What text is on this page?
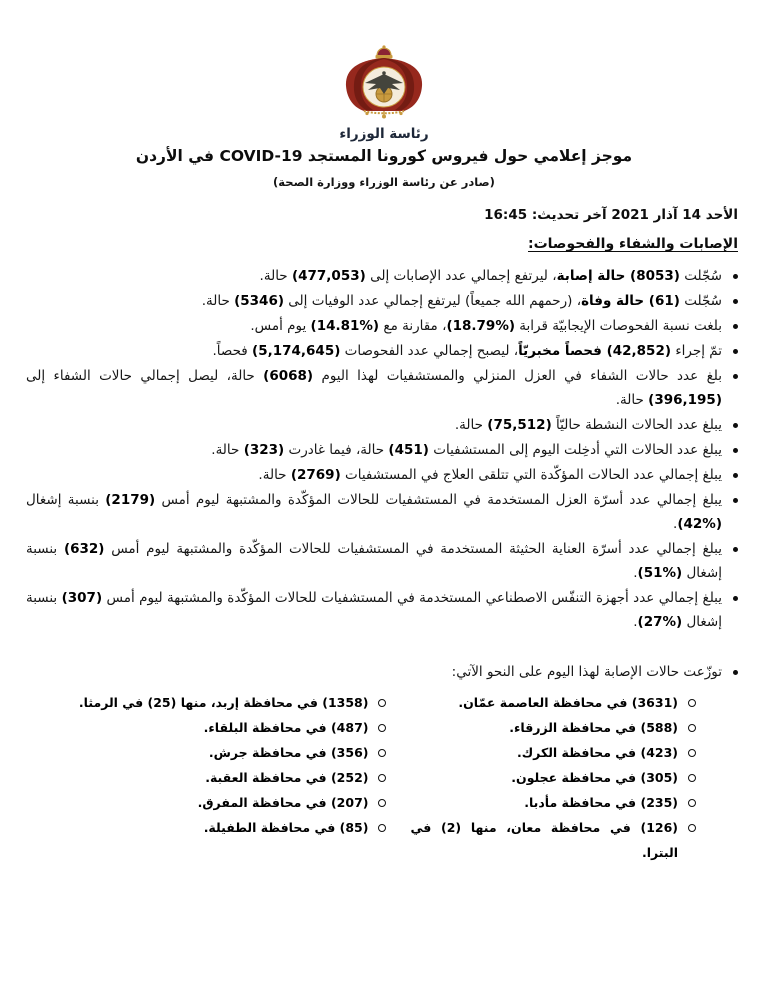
رئاسة الوزراء
موجز إعلامي حول فيروس كورونا المستجد COVID-19 في الأردن
(صادر عن رئاسة الوزراء ووزارة الصحة)
الأحد 14 آذار 2021 آخر تحديث: 16:45
الإصابات والشفاء والفحوصات:
سُجّلت (8053) حالة إصابة، ليرتفع إجمالي عدد الإصابات إلى (477,053) حالة.
سُجّلت (61) حالة وفاة، (رحمهم الله جميعاً) ليرتفع إجمالي عدد الوفيات إلى (5346) حالة.
بلغت نسبة الفحوصات الإيجابيّة قرابة (%18.79)، مقارنة مع (%14.81) يوم أمس.
تمّ إجراء (42,852) فحصاً مخبريّاً، ليصبح إجمالي عدد الفحوصات (5,174,645) فحصاً.
بلغ عدد حالات الشفاء في العزل المنزلي والمستشفيات لهذا اليوم (6068) حالة، ليصل إجمالي حالات الشفاء إلى (396,195) حالة.
يبلغ عدد الحالات النشطة حاليّاً (75,512) حالة.
يبلغ عدد الحالات التي أدخِلت اليوم إلى المستشفيات (451) حالة، فيما غادرت (323) حالة.
يبلغ إجمالي عدد الحالات المؤكّدة التي تتلقى العلاج في المستشفيات (2769) حالة.
يبلغ إجمالي عدد أسرّة العزل المستخدمة في المستشفيات للحالات المؤكّدة والمشتبهة ليوم أمس (2179) بنسبة إشغال (%42).
يبلغ إجمالي عدد أسرّة العناية الحثيثة المستخدمة في المستشفيات للحالات المؤكّدة والمشتبهة ليوم أمس (632) بنسبة إشغال (%51).
يبلغ إجمالي عدد أجهزة التنفّس الاصطناعي المستخدمة في المستشفيات للحالات المؤكّدة والمشتبهة ليوم أمس (307) بنسبة إشغال (%27).
توزّعت حالات الإصابة لهذا اليوم على النحو الآتي:
(3631) في محافظة العاصمة عمّان.
(588) في محافظة الزرقاء.
(423) في محافظة الكرك.
(305) في محافظة عجلون.
(235) في محافظة مأدبا.
(126) في محافظة معان، منها (2) في البترا.
(1358) في محافظة إربد، منها (25) في الرمثا.
(487) في محافظة البلقاء.
(356) في محافظة جرش.
(252) في محافظة العقبة.
(207) في محافظة المفرق.
(85) في محافظة الطفيلة.
